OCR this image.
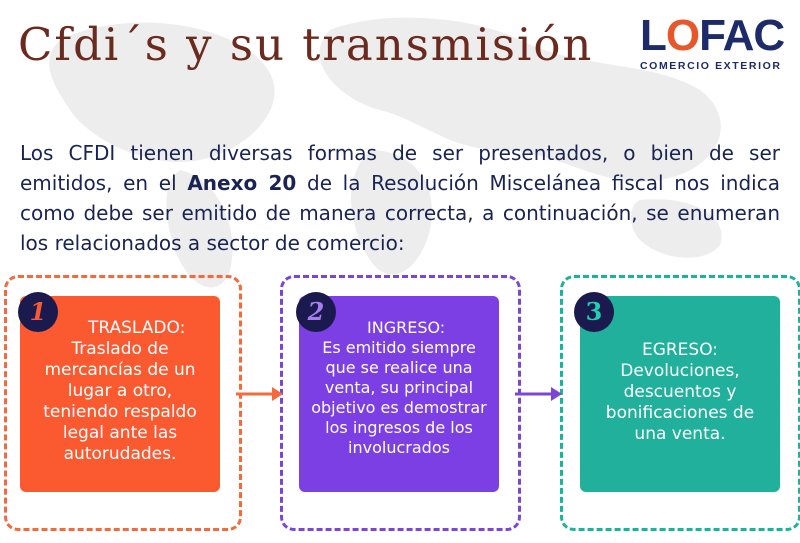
Cfdi´s y su transmisión LOFAC
COMERCIO EXTERIOR

Los CFDI tienen diversas formas de ser presentados, o bien de ser emitidos, en el Anexo 20 de la Resolución Miscelánea fiscal nos indica como debe ser emitido de manera correcta, a continuación, se enumeran los relacionados a sector de comercio:

TRASLADO:
Traslado de mercancías de un lugar a otro, teniendo respaldo legal ante las autorudades.
INGRESO:
Es emitido siempre que se realice una venta, su principal objetivo es demostrar los ingresos de los involucrados
EGRESO:
Devoluciones, descuentos y bonificaciones de una venta.
1	2	3
